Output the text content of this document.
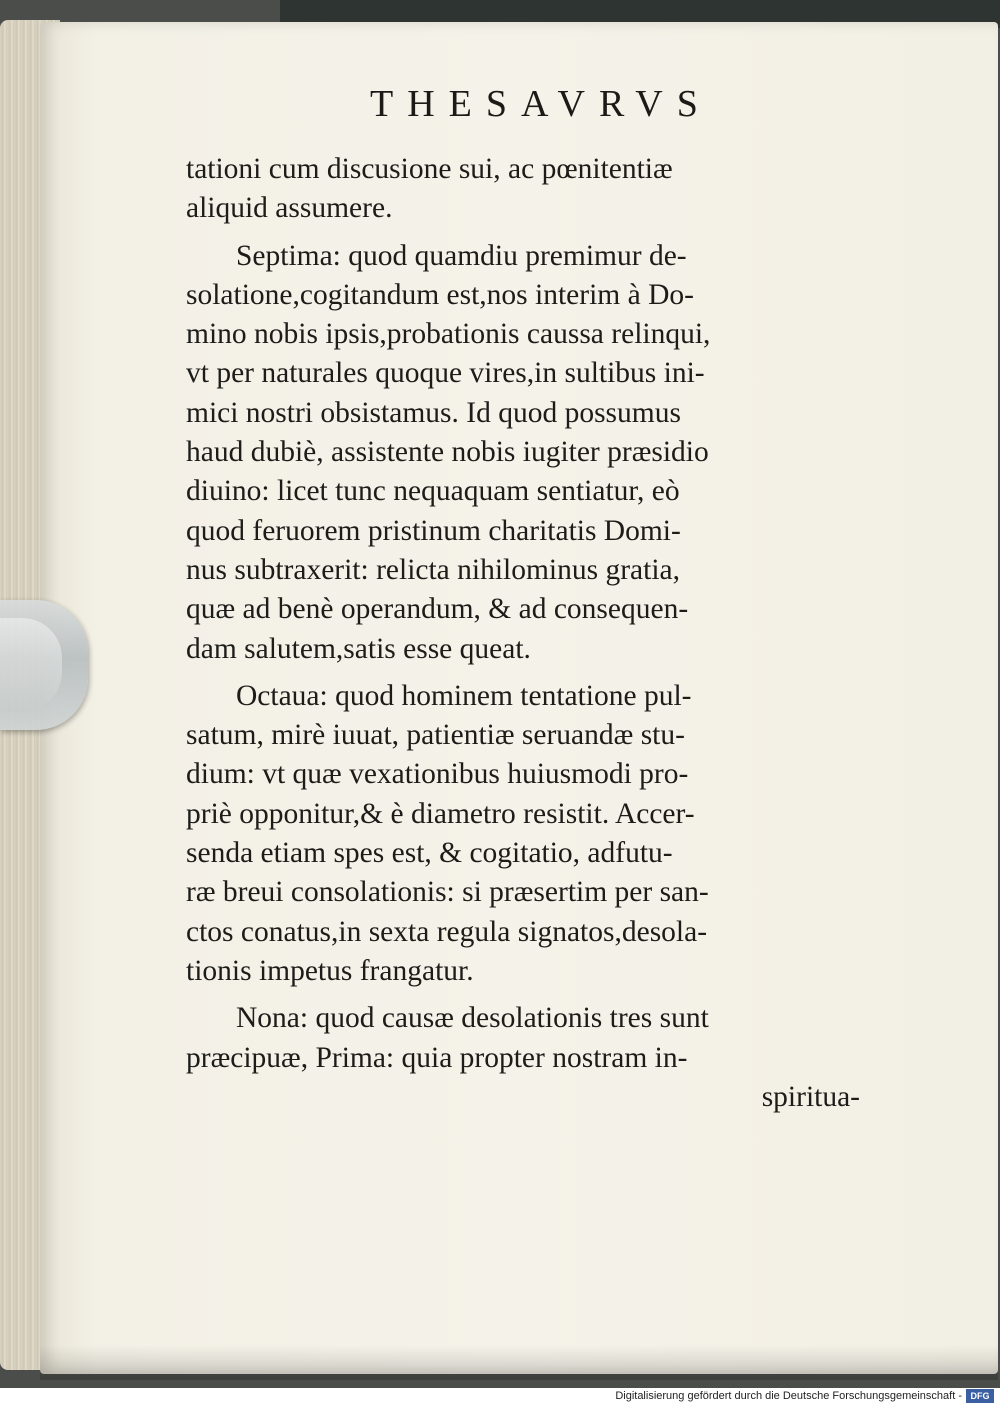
THESAVRVS
tationi cum discusione sui, ac pœnitentiæ
aliquid assumere.
Septima: quod quamdiu premimur de-
solatione,cogitandum est,nos interim à Do-
mino nobis ipsis,probationis caussa relinqui,
vt per naturales quoque vires,in sultibus ini-
mici nostri obsistamus. Id quod possumus
haud dubiè, assistente nobis iugiter præsidio
diuino: licet tunc nequaquam sentiatur, eò
quod feruorem pristinum charitatis Domi-
nus subtraxerit: relicta nihilominus gratia,
quæ ad benè operandum, & ad consequen-
dam salutem,satis esse queat.
Octaua: quod hominem tentatione pul-
satum, mirè iuuat, patientiæ seruandæ stu-
dium: vt quæ vexationibus huiusmodi pro-
priè opponitur,& è diametro resistit. Accer-
senda etiam spes est, & cogitatio, adfutu-
ræ breui consolationis: si præsertim per san-
ctos conatus,in sexta regula signatos,desola-
tionis impetus frangatur.
Nona: quod causæ desolationis tres sunt
præcipuæ, Prima: quia propter nostram in-
spiritua-
Digitalisierung gefördert durch die Deutsche Forschungsgemeinschaft - DFG
